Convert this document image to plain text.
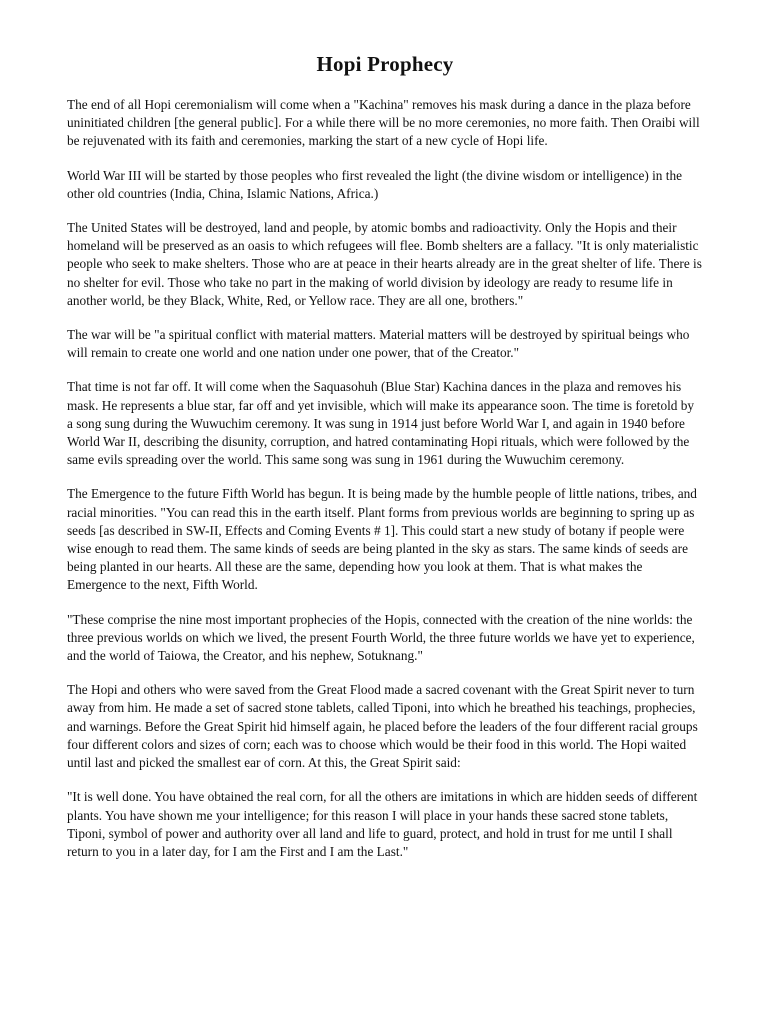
Hopi Prophecy

The end of all Hopi ceremonialism will come when a "Kachina" removes his mask during a dance in the plaza before uninitiated children [the general public]. For a while there will be no more ceremonies, no more faith. Then Oraibi will be rejuvenated with its faith and ceremonies, marking the start of a new cycle of Hopi life.

World War III will be started by those peoples who first revealed the light (the divine wisdom or intelligence) in the other old countries (India, China, Islamic Nations, Africa.)

The United States will be destroyed, land and people, by atomic bombs and radioactivity. Only the Hopis and their homeland will be preserved as an oasis to which refugees will flee. Bomb shelters are a fallacy. "It is only materialistic people who seek to make shelters. Those who are at peace in their hearts already are in the great shelter of life. There is no shelter for evil. Those who take no part in the making of world division by ideology are ready to resume life in another world, be they Black, White, Red, or Yellow race. They are all one, brothers."

The war will be "a spiritual conflict with material matters. Material matters will be destroyed by spiritual beings who will remain to create one world and one nation under one power, that of the Creator."

That time is not far off. It will come when the Saquasohuh (Blue Star) Kachina dances in the plaza and removes his mask. He represents a blue star, far off and yet invisible, which will make its appearance soon. The time is foretold by a song sung during the Wuwuchim ceremony. It was sung in 1914 just before World War I, and again in 1940 before World War II, describing the disunity, corruption, and hatred contaminating Hopi rituals, which were followed by the same evils spreading over the world. This same song was sung in 1961 during the Wuwuchim ceremony.

The Emergence to the future Fifth World has begun. It is being made by the humble people of little nations, tribes, and racial minorities. "You can read this in the earth itself. Plant forms from previous worlds are beginning to spring up as seeds [as described in SW-II, Effects and Coming Events # 1]. This could start a new study of botany if people were wise enough to read them. The same kinds of seeds are being planted in the sky as stars. The same kinds of seeds are being planted in our hearts. All these are the same, depending how you look at them. That is what makes the Emergence to the next, Fifth World.

"These comprise the nine most important prophecies of the Hopis, connected with the creation of the nine worlds: the three previous worlds on which we lived, the present Fourth World, the three future worlds we have yet to experience, and the world of Taiowa, the Creator, and his nephew, Sotuknang."

The Hopi and others who were saved from the Great Flood made a sacred covenant with the Great Spirit never to turn away from him. He made a set of sacred stone tablets, called Tiponi, into which he breathed his teachings, prophecies, and warnings. Before the Great Spirit hid himself again, he placed before the leaders of the four different racial groups four different colors and sizes of corn; each was to choose which would be their food in this world. The Hopi waited until last and picked the smallest ear of corn. At this, the Great Spirit said:

"It is well done. You have obtained the real corn, for all the others are imitations in which are hidden seeds of different plants. You have shown me your intelligence; for this reason I will place in your hands these sacred stone tablets, Tiponi, symbol of power and authority over all land and life to guard, protect, and hold in trust for me until I shall return to you in a later day, for I am the First and I am the Last."
